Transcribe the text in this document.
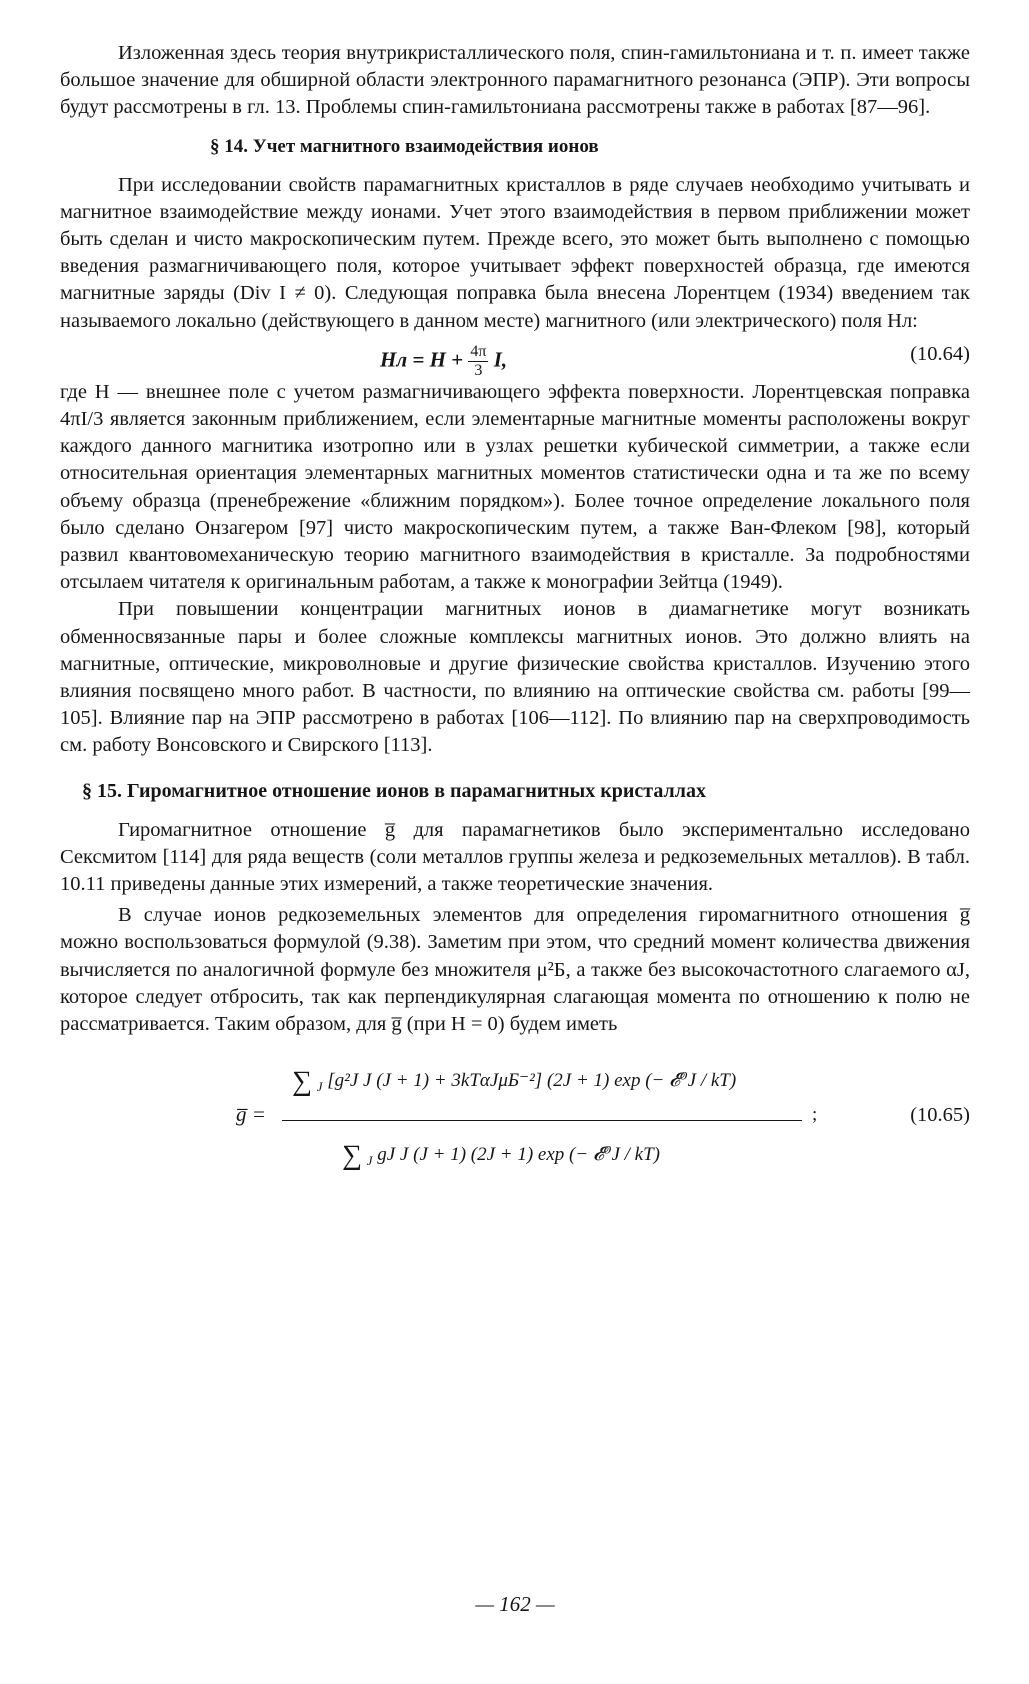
Изложенная здесь теория внутрикристаллического поля, спин-гамильтониана и т. п. имеет также большое значение для обширной области электронного парамагнитного резонанса (ЭПР). Эти вопросы будут рассмотрены в гл. 13. Проблемы спин-гамильтониана рассмотрены также в работах [87—96].

§ 14. Учет магнитного взаимодействия ионов

При исследовании свойств парамагнитных кристаллов в ряде случаев необходимо учитывать и магнитное взаимодействие между ионами. Учет этого взаимодействия в первом приближении может быть сделан и чисто макроскопическим путем. Прежде всего, это может быть выполнено с помощью введения размагничивающего поля, которое учитывает эффект поверхностей образца, где имеются магнитные заряды (Div I ≠ 0). Следующая поправка была внесена Лорентцем (1934) введением так называемого локально (действующего в данном месте) магнитного (или электрического) поля Hл:

Hл = $H + \frac{4\pi}{3} I$,	(10.64)

где H — внешнее поле с учетом размагничивающего эффекта поверхности. Лорентцевская поправка 4πI/3 является законным приближением, если элементарные магнитные моменты расположены вокруг каждого данного магнитика изотропно или в узлах решетки кубической симметрии, а также если относительная ориентация элементарных магнитных моментов статистически одна и та же по всему объему образца (пренебрежение «ближним порядком»). Более точное определение локального поля было сделано Онзагером [97] чисто макроскопическим путем, а также Ван-Флеком [98], который развил квантовомеханическую теорию магнитного взаимодействия в кристалле. За подробностями отсылаем читателя к оригинальным работам, а также к монографии Зейтца (1949).

При повышении концентрации магнитных ионов в диамагнетике могут возникать обменносвязанные пары и более сложные комплексы магнитных ионов. Это должно влиять на магнитные, оптические, микроволновые и другие физические свойства кристаллов. Изучению этого влияния посвящено много работ. В частности, по влиянию на оптические свойства см. работы [99—105]. Влияние пар на ЭПР рассмотрено в работах [106—112]. По влиянию пар на сверхпроводимость см. работу Вонсовского и Свирского [113].

§ 15. Гиромагнитное отношение ионов в парамагнитных кристаллах

Гиромагнитное отношение g̅ для парамагнетиков было экспериментально исследовано Сексмитом [114] для ряда веществ (соли металлов группы железа и редкоземельных металлов). В табл. 10.11 приведены данные этих измерений, а также теоретические значения.

В случае ионов редкоземельных элементов для определения гиромагнитного отношения g̅ можно воспользоваться формулой (9.38). Заметим при этом, что средний момент количества движения вычисляется по аналогичной формуле без множителя μ²Б, а также без высокочастотного слагаемого αJ, которое следует отбросить, так как перпендикулярная слагающая момента по отношению к полю не рассматривается. Таким образом, для g̅ (при H = 0) будем иметь

g̅ =
∑ $_J$ [g²J J (J + 1) + 3kTαJμБ⁻²] (2J + 1) exp (− 𝓔⁰J / kT)
∑ $_J$ gJ J (J + 1) (2J + 1) exp (− 𝓔⁰J / kT)
;	(10.65)
— 162 —
